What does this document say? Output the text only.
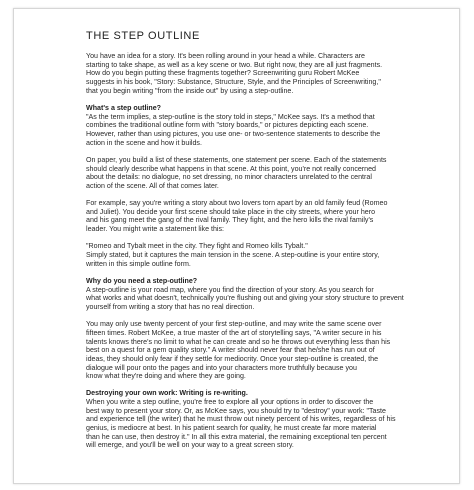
THE STEP OUTLINE
You have an idea for a story. It's been rolling around in your head a while. Characters are
starting to take shape, as well as a key scene or two. But right now, they are all just fragments.
How do you begin putting these fragments together? Screenwriting guru Robert McKee
suggests in his book, "Story: Substance, Structure, Style, and the Principles of Screenwriting,"
that you begin writing "from the inside out" by using a step-outline.
What's a step outline?
"As the term implies, a step-outline is the story told in steps," McKee says. It's a method that
combines the traditional outline form with "story boards," or pictures depicting each scene.
However, rather than using pictures, you use one- or two-sentence statements to describe the
action in the scene and how it builds.
On paper, you build a list of these statements, one statement per scene. Each of the statements
should clearly describe what happens in that scene. At this point, you're not really concerned
about the details: no dialogue, no set dressing, no minor characters unrelated to the central
action of the scene. All of that comes later.
For example, say you're writing a story about two lovers torn apart by an old family feud (Romeo
and Juliet). You decide your first scene should take place in the city streets, where your hero
and his gang meet the gang of the rival family. They fight, and the hero kills the rival family's
leader. You might write a statement like this:
"Romeo and Tybalt meet in the city. They fight and Romeo kills Tybalt."
Simply stated, but it captures the main tension in the scene. A step-outline is your entire story,
written in this simple outline form.
Why do you need a step-outline?
A step-outline is your road map, where you find the direction of your story. As you search for
what works and what doesn't, technically you're flushing out and giving your story structure to prevent
yourself from writing a story that has no real direction.
You may only use twenty percent of your first step-outline, and may write the same scene over
fifteen times. Robert McKee, a true master of the art of storytelling says, "A writer secure in his
talents knows there's no limit to what he can create and so he throws out everything less than his
best on a quest for a gem quality story." A writer should never fear that he/she has run out of
ideas, they should only fear if they settle for mediocrity. Once your step-outline is created, the
dialogue will pour onto the pages and into your characters more truthfully because you
know what they're doing and where they are going.
Destroying your own work: Writing is re-writing.
When you write a step outline, you're free to explore all your options in order to discover the
best way to present your story. Or, as McKee says, you should try to "destroy" your work: "Taste
and experience tell (the writer) that he must throw out ninety percent of his writes, regardless of his
genius, is mediocre at best. In his patient search for quality, he must create far more material
than he can use, then destroy it." In all this extra material, the remaining exceptional ten percent
will emerge, and you'll be well on your way to a great screen story.
